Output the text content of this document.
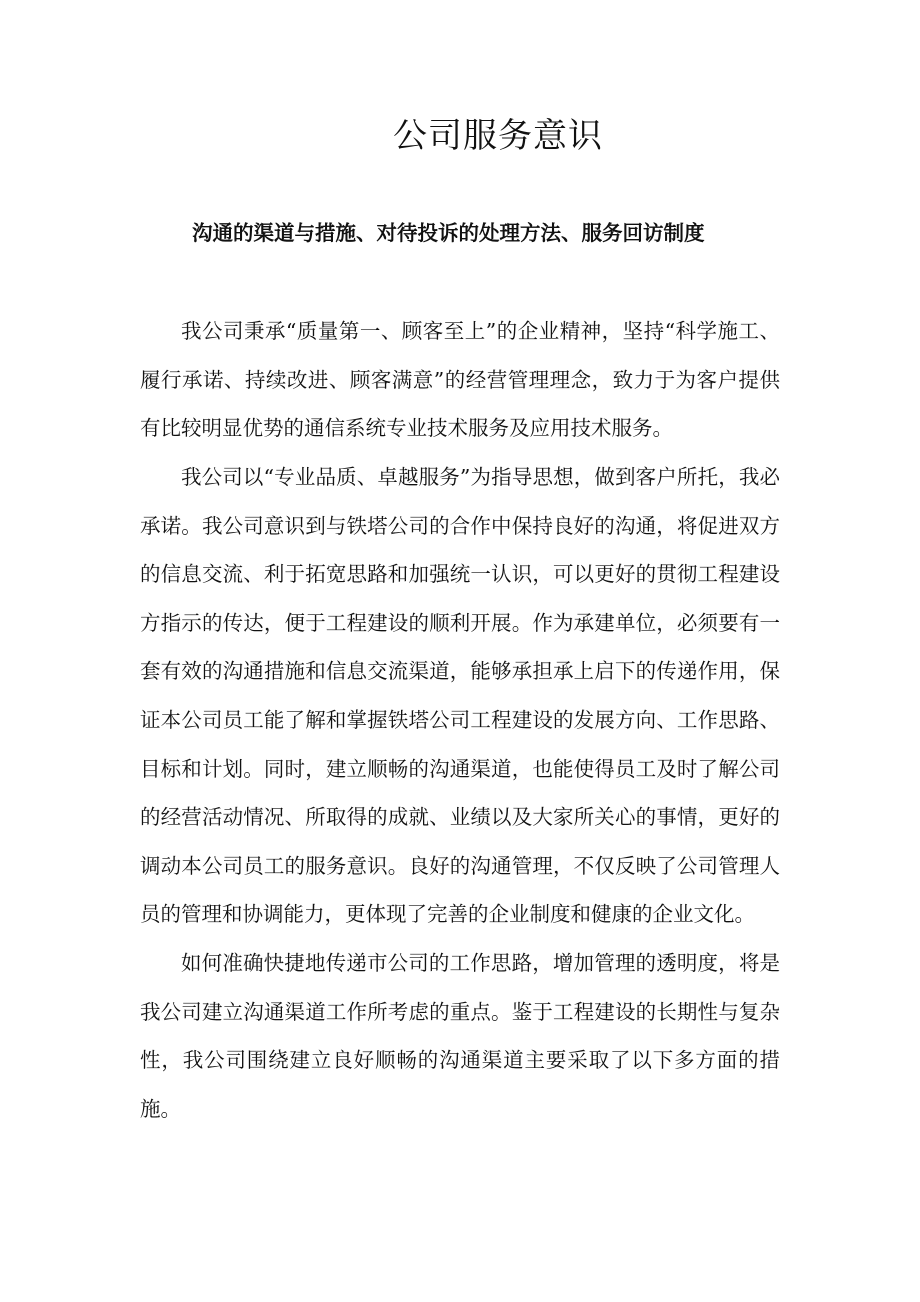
公司服务意识
沟通的渠道与措施、对待投诉的处理方法、服务回访制度

我公司秉承“质量第一、顾客至上”的企业精神，坚持“科学施工、履行承诺、持续改进、顾客满意”的经营管理理念，致力于为客户提供有比较明显优势的通信系统专业技术服务及应用技术服务。

我公司以“专业品质、卓越服务”为指导思想，做到客户所托，我必承诺。我公司意识到与铁塔公司的合作中保持良好的沟通，将促进双方的信息交流、利于拓宽思路和加强统一认识，可以更好的贯彻工程建设方指示的传达，便于工程建设的顺利开展。作为承建单位，必须要有一套有效的沟通措施和信息交流渠道，能够承担承上启下的传递作用，保证本公司员工能了解和掌握铁塔公司工程建设的发展方向、工作思路、目标和计划。同时，建立顺畅的沟通渠道，也能使得员工及时了解公司的经营活动情况、所取得的成就、业绩以及大家所关心的事情，更好的调动本公司员工的服务意识。良好的沟通管理，不仅反映了公司管理人员的管理和协调能力，更体现了完善的企业制度和健康的企业文化。

如何准确快捷地传递市公司的工作思路，增加管理的透明度，将是我公司建立沟通渠道工作所考虑的重点。鉴于工程建设的长期性与复杂性，我公司围绕建立良好顺畅的沟通渠道主要采取了以下多方面的措施。
